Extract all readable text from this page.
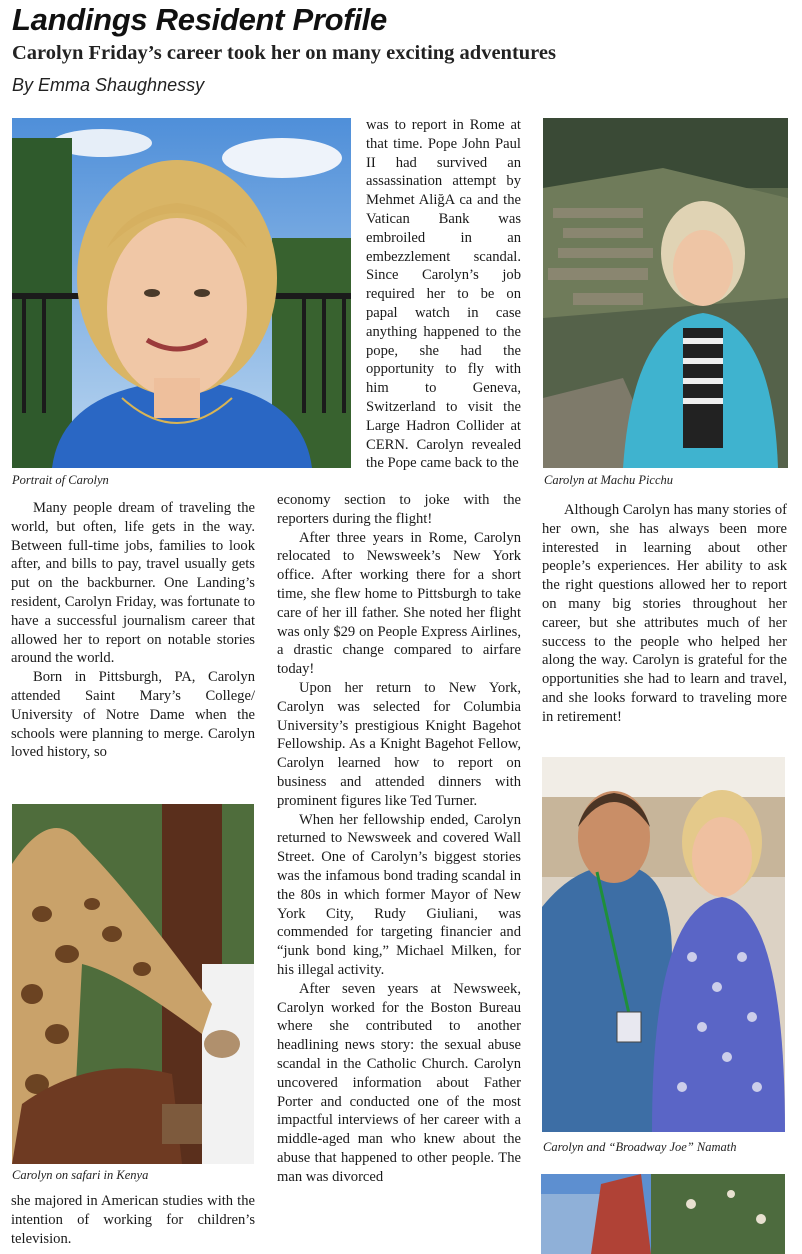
Landings Resident Profile
Carolyn Friday’s career took her on many exciting adventures
By Emma Shaughnessy
Portrait of Carolyn	Carolyn at Machu Picchu
Carolyn on safari in Kenya
Carolyn and “Broadway Joe” Namath

Many people dream of traveling the world, but often, life gets in the way. Between full-time jobs, families to look after, and bills to pay, travel usually gets put on the backburner. One Landing’s resident, Carolyn Friday, was fortunate to have a successful journalism career that allowed her to report on notable stories around the world.

Born in Pittsburgh, PA, Carolyn attended Saint Mary’s College/ University of Notre Dame when the schools were planning to merge. Carolyn loved history, so

she majored in American studies with the intention of working for children’s television.

was to report in Rome at that time. Pope John Paul II had survived an assassination attempt by Mehmet AliğA ca and the Vatican Bank was embroiled in an embezzlement scandal. Since Carolyn’s job required her to be on papal watch in case anything happened to the pope, she had the opportunity to fly with him to Geneva, Switzerland to visit the Large Hadron Collider at CERN. Carolyn revealed the Pope came back to the

economy section to joke with the reporters during the flight!

After three years in Rome, Carolyn relocated to Newsweek’s New York office. After working there for a short time, she flew home to Pittsburgh to take care of her ill father. She noted her flight was only $29 on People Express Airlines, a drastic change compared to airfare today!

Upon her return to New York, Carolyn was selected for Columbia University’s prestigious Knight Bagehot Fellowship. As a Knight Bagehot Fellow, Carolyn learned how to report on business and attended dinners with prominent figures like Ted Turner.

When her fellowship ended, Carolyn returned to Newsweek and covered Wall Street. One of Carolyn’s biggest stories was the infamous bond trading scandal in the 80s in which former Mayor of New York City, Rudy Giuliani, was commended for targeting financier and “junk bond king,” Michael Milken, for his illegal activity.

After seven years at Newsweek, Carolyn worked for the Boston Bureau where she contributed to another headlining news story: the sexual abuse scandal in the Catholic Church. Carolyn uncovered information about Father Porter and conducted one of the most impactful interviews of her career with a middle-aged man who knew about the abuse that happened to other people. The man was divorced

Although Carolyn has many stories of her own, she has always been more interested in learning about other people’s experiences. Her ability to ask the right questions allowed her to report on many big stories throughout her career, but she attributes much of her success to the people who helped her along the way. Carolyn is grateful for the opportunities she had to learn and travel, and she looks forward to traveling more in retirement!
